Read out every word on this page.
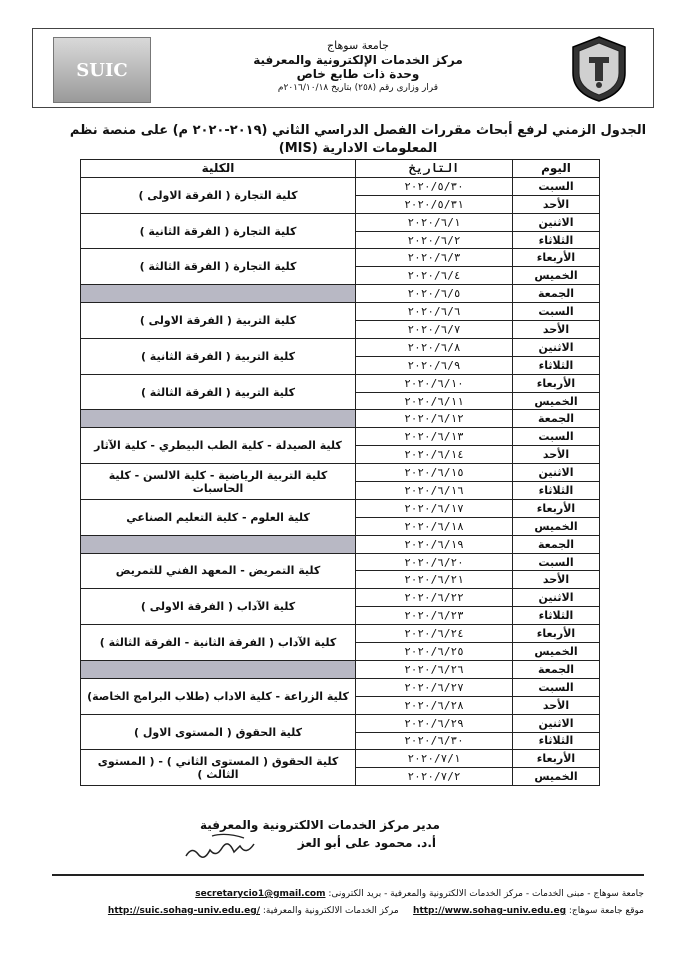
SUIC
جامعة سوهاج
مركز الخدمات الإلكترونية والمعرفية
وحدة ذات طابع خاص
قرار وزارى رقم (٢٥٨) بتاريخ ٢٠١٦/١٠/١٨م
الجدول الزمني لرفع أبحاث مقررات الفصل الدراسي الثاني (٢٠١٩-٢٠٢٠ م) على منصة نظم المعلومات الادارية (MIS)
اليوم	التاريخ	الكلية
السبت	٢٠٢٠/٥/٣٠	كلية التجارة ( الفرقة الاولى )
الأحد	٢٠٢٠/٥/٣١	
الاثنين	٢٠٢٠/٦/١	كلية التجارة ( الفرقة الثانية )
الثلاثاء	٢٠٢٠/٦/٢	
الأربعاء	٢٠٢٠/٦/٣	كلية التجارة ( الفرقة الثالثة )
الخميس	٢٠٢٠/٦/٤	
الجمعة	٢٠٢٠/٦/٥	
السبت	٢٠٢٠/٦/٦	كلية التربية ( الفرقة الاولى )
الأحد	٢٠٢٠/٦/٧	
الاثنين	٢٠٢٠/٦/٨	كلية التربية ( الفرقة الثانية )
الثلاثاء	٢٠٢٠/٦/٩	
الأربعاء	٢٠٢٠/٦/١٠	كلية التربية ( الفرقة الثالثة )
الخميس	٢٠٢٠/٦/١١	
الجمعة	٢٠٢٠/٦/١٢	
السبت	٢٠٢٠/٦/١٣	كلية الصيدلة - كلية الطب البيطري - كلية الآثار
الأحد	٢٠٢٠/٦/١٤	
الاثنين	٢٠٢٠/٦/١٥	كلية التربية الرياضية - كلية الالسن - كلية الحاسبات
الثلاثاء	٢٠٢٠/٦/١٦	
الأربعاء	٢٠٢٠/٦/١٧	كلية العلوم - كلية التعليم الصناعي
الخميس	٢٠٢٠/٦/١٨	
الجمعة	٢٠٢٠/٦/١٩	
السبت	٢٠٢٠/٦/٢٠	كلية التمريض - المعهد الفني للتمريض
الأحد	٢٠٢٠/٦/٢١	
الاثنين	٢٠٢٠/٦/٢٢	كلية الآداب ( الفرقة الاولى )
الثلاثاء	٢٠٢٠/٦/٢٣	
الأربعاء	٢٠٢٠/٦/٢٤	كلية الآداب ( الفرقة الثانية - الفرقة الثالثة )
الخميس	٢٠٢٠/٦/٢٥	
الجمعة	٢٠٢٠/٦/٢٦	
السبت	٢٠٢٠/٦/٢٧	كلية الزراعة - كلية الاداب (طلاب البرامج الخاصة)
الأحد	٢٠٢٠/٦/٢٨	
الاثنين	٢٠٢٠/٦/٢٩	كلية الحقوق ( المستوى الاول )
الثلاثاء	٢٠٢٠/٦/٣٠	
الأربعاء	٢٠٢٠/٧/١	كلية الحقوق ( المستوى الثاني ) - ( المستوى الثالث )
الخميس	٢٠٢٠/٧/٢	
مدير مركز الخدمات الالكترونية والمعرفية
أ.د. محمود على أبو العز
جامعة سوهاج - مبنى الخدمات - مركز الخدمات الالكترونية والمعرفية - بريد الكترونى: secretarycio1@gmail.com
موقع جامعة سوهاج: http://www.sohag-univ.edu.eg     مركز الخدمات الالكترونية والمعرفية: http://suic.sohag-univ.edu.eg/
